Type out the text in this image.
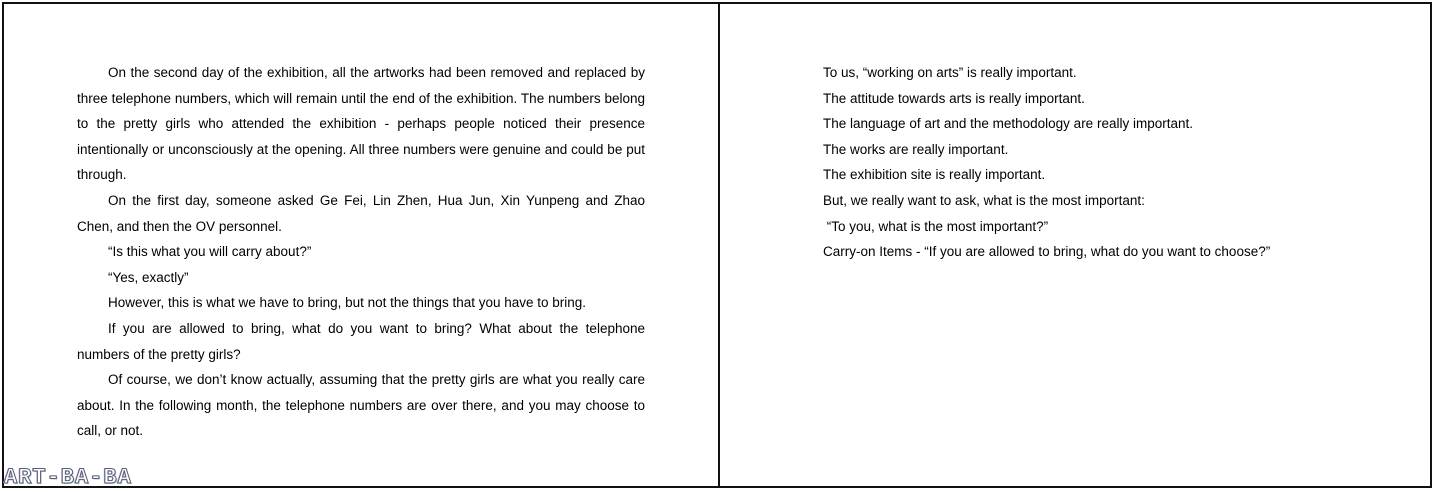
On the second day of the exhibition, all the artworks had been removed and replaced by three telephone numbers, which will remain until the end of the exhibition. The numbers belong to the pretty girls who attended the exhibition - perhaps people noticed their presence intentionally or unconsciously at the opening. All three numbers were genuine and could be put through.

On the first day, someone asked Ge Fei, Lin Zhen, Hua Jun, Xin Yunpeng and Zhao Chen, and then the OV personnel.

“Is this what you will carry about?”

“Yes, exactly”

However, this is what we have to bring, but not the things that you have to bring.

If you are allowed to bring, what do you want to bring? What about the telephone numbers of the pretty girls?

Of course, we don’t know actually, assuming that the pretty girls are what you really care about. In the following month, the telephone numbers are over there, and you may choose to call, or not.

To us, “working on arts” is really important.

The attitude towards arts is really important.

The language of art and the methodology are really important.

The works are really important.

The exhibition site is really important.

But, we really want to ask, what is the most important:

“To you, what is the most important?”

Carry-on Items - “If you are allowed to bring, what do you want to choose?”

ART-BA-BA
